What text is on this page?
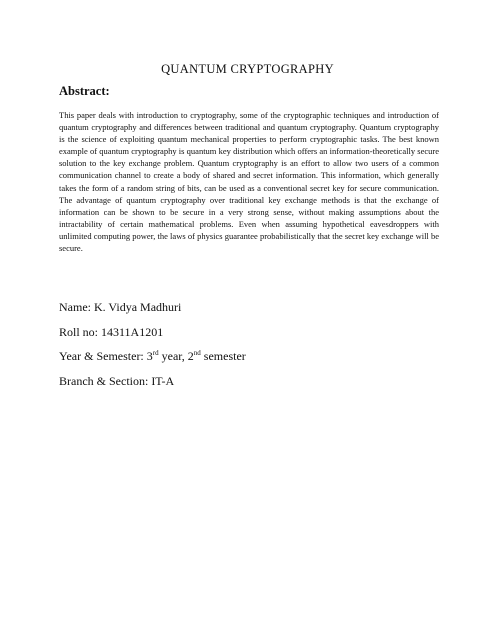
QUANTUM CRYPTOGRAPHY
Abstract:

This paper deals with introduction to cryptography, some of the cryptographic techniques and introduction of quantum cryptography and differences between traditional and quantum cryptography. Quantum cryptography is the science of exploiting quantum mechanical properties to perform cryptographic tasks. The best known example of quantum cryptography is quantum key distribution which offers an information-theoretically secure solution to the key exchange problem. Quantum cryptography is an effort to allow two users of a common communication channel to create a body of shared and secret information. This information, which generally takes the form of a random string of bits, can be used as a conventional secret key for secure communication. The advantage of quantum cryptography over traditional key exchange methods is that the exchange of information can be shown to be secure in a very strong sense, without making assumptions about the intractability of certain mathematical problems. Even when assuming hypothetical eavesdroppers with unlimited computing power, the laws of physics guarantee probabilistically that the secret key exchange will be secure.

Name: K. Vidya Madhuri
Roll no: 14311A1201
Year & Semester: 3rd year, 2nd semester
Branch & Section: IT-A
